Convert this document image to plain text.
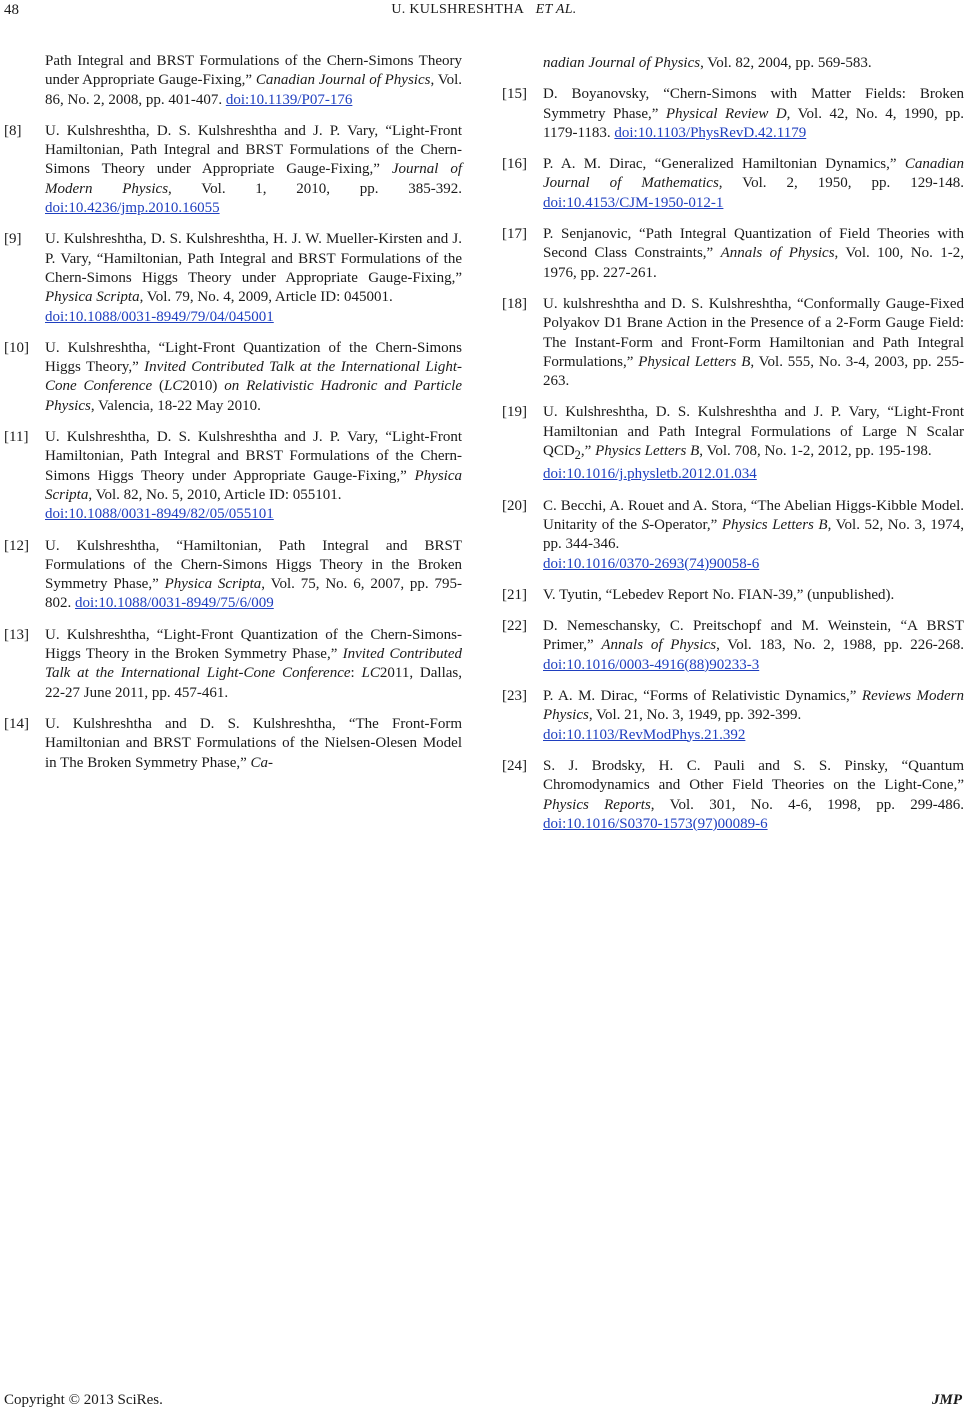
48	U. KULSHRESHTHA ET AL.
Path Integral and BRST Formulations of the Chern-Simons Theory under Appropriate Gauge-Fixing,” Canadian Journal of Physics, Vol. 86, No. 2, 2008, pp. 401-407. doi:10.1139/P07-176
[8] U. Kulshreshtha, D. S. Kulshreshtha and J. P. Vary, “Light-Front Hamiltonian, Path Integral and BRST Formulations of the Chern-Simons Theory under Appropriate Gauge-Fixing,” Journal of Modern Physics, Vol. 1, 2010, pp. 385-392. doi:10.4236/jmp.2010.16055
[9] U. Kulshreshtha, D. S. Kulshreshtha, H. J. W. Mueller-Kirsten and J. P. Vary, “Hamiltonian, Path Integral and BRST Formulations of the Chern-Simons Higgs Theory under Appropriate Gauge-Fixing,” Physica Scripta, Vol. 79, No. 4, 2009, Article ID: 045001.
doi:10.1088/0031-8949/79/04/045001
[10] U. Kulshreshtha, “Light-Front Quantization of the Chern-Simons Higgs Theory,” Invited Contributed Talk at the International Light-Cone Conference (LC2010) on Relativistic Hadronic and Particle Physics, Valencia, 18-22 May 2010.
[11] U. Kulshreshtha, D. S. Kulshreshtha and J. P. Vary, “Light-Front Hamiltonian, Path Integral and BRST Formulations of the Chern-Simons Higgs Theory under Appropriate Gauge-Fixing,” Physica Scripta, Vol. 82, No. 5, 2010, Article ID: 055101.
doi:10.1088/0031-8949/82/05/055101
[12] U. Kulshreshtha, “Hamiltonian, Path Integral and BRST Formulations of the Chern-Simons Higgs Theory in the Broken Symmetry Phase,” Physica Scripta, Vol. 75, No. 6, 2007, pp. 795-802. doi:10.1088/0031-8949/75/6/009
[13] U. Kulshreshtha, “Light-Front Quantization of the Chern-Simons-Higgs Theory in the Broken Symmetry Phase,” Invited Contributed Talk at the International Light-Cone Conference: LC2011, Dallas, 22-27 June 2011, pp. 457-461.
[14] U. Kulshreshtha and D. S. Kulshreshtha, “The Front-Form Hamiltonian and BRST Formulations of the Nielsen-Olesen Model in The Broken Symmetry Phase,” Ca-
nadian Journal of Physics, Vol. 82, 2004, pp. 569-583.
[15] D. Boyanovsky, “Chern-Simons with Matter Fields: Broken Symmetry Phase,” Physical Review D, Vol. 42, No. 4, 1990, pp. 1179-1183. doi:10.1103/PhysRevD.42.1179
[16] P. A. M. Dirac, “Generalized Hamiltonian Dynamics,” Canadian Journal of Mathematics, Vol. 2, 1950, pp. 129-148. doi:10.4153/CJM-1950-012-1
[17] P. Senjanovic, “Path Integral Quantization of Field Theories with Second Class Constraints,” Annals of Physics, Vol. 100, No. 1-2, 1976, pp. 227-261.
[18] U. kulshreshtha and D. S. Kulshreshtha, “Conformally Gauge-Fixed Polyakov D1 Brane Action in the Presence of a 2-Form Gauge Field: The Instant-Form and Front-Form Hamiltonian and Path Integral Formulations,” Physical Letters B, Vol. 555, No. 3-4, 2003, pp. 255-263.
[19] U. Kulshreshtha, D. S. Kulshreshtha and J. P. Vary, “Light-Front Hamiltonian and Path Integral Formulations of Large N Scalar $QCD_2$,” Physics Letters B, Vol. 708, No. 1-2, 2012, pp. 195-198.
doi:10.1016/j.physletb.2012.01.034
[20] C. Becchi, A. Rouet and A. Stora, “The Abelian Higgs-Kibble Model. Unitarity of the S-Operator,” Physics Letters B, Vol. 52, No. 3, 1974, pp. 344-346.
doi:10.1016/0370-2693(74)90058-6
[21] V. Tyutin, “Lebedev Report No. FIAN-39,” (unpublished).
[22] D. Nemeschansky, C. Preitschopf and M. Weinstein, “A BRST Primer,” Annals of Physics, Vol. 183, No. 2, 1988, pp. 226-268. doi:10.1016/0003-4916(88)90233-3
[23] P. A. M. Dirac, “Forms of Relativistic Dynamics,” Reviews Modern Physics, Vol. 21, No. 3, 1949, pp. 392-399.
doi:10.1103/RevModPhys.21.392
[24] S. J. Brodsky, H. C. Pauli and S. S. Pinsky, “Quantum Chromodynamics and Other Field Theories on the Light-Cone,” Physics Reports, Vol. 301, No. 4-6, 1998, pp. 299-486. doi:10.1016/S0370-1573(97)00089-6
Copyright © 2013 SciRes.	JMP
